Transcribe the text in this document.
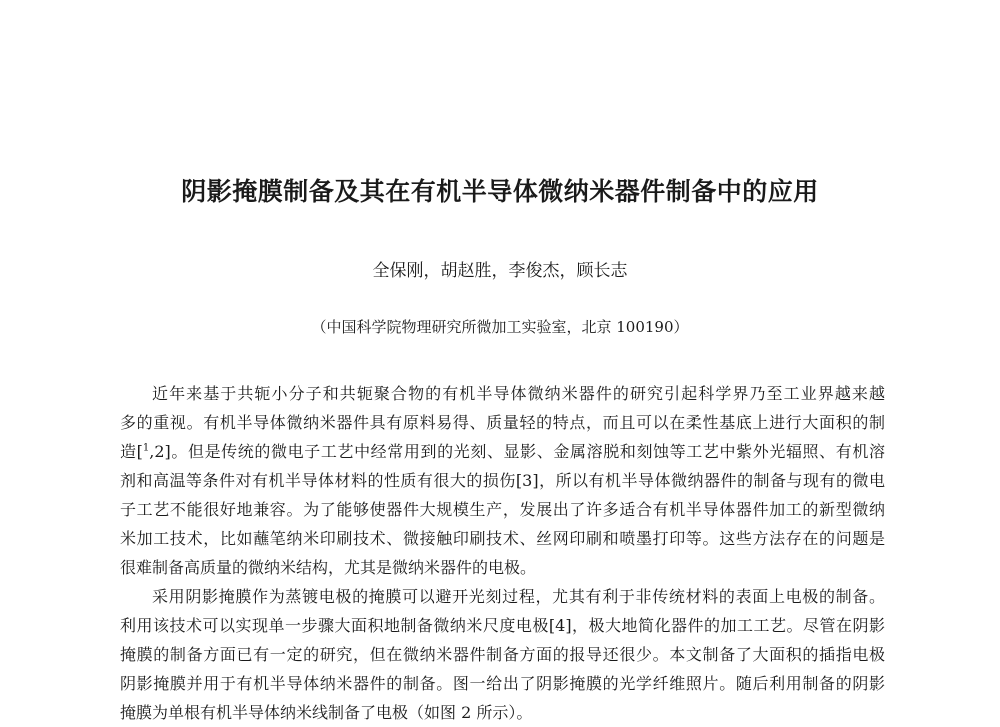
阴影掩膜制备及其在有机半导体微纳米器件制备中的应用
全保刚，胡赵胜，李俊杰，顾长志
（中国科学院物理研究所微加工实验室，北京 100190）
近年来基于共轭小分子和共轭聚合物的有机半导体微纳米器件的研究引起科学界乃至工业界越来越
多的重视。有机半导体微纳米器件具有原料易得、质量轻的特点，而且可以在柔性基底上进行大面积的制
造[$^1$,2]。但是传统的微电子工艺中经常用到的光刻、显影、金属溶脱和刻蚀等工艺中紫外光辐照、有机溶
剂和高温等条件对有机半导体材料的性质有很大的损伤[3]，所以有机半导体微纳器件的制备与现有的微电
子工艺不能很好地兼容。为了能够使器件大规模生产，发展出了许多适合有机半导体器件加工的新型微纳
米加工技术，比如蘸笔纳米印刷技术、微接触印刷技术、丝网印刷和喷墨打印等。这些方法存在的问题是
很难制备高质量的微纳米结构，尤其是微纳米器件的电极。
采用阴影掩膜作为蒸镀电极的掩膜可以避开光刻过程，尤其有利于非传统材料的表面上电极的制备。
利用该技术可以实现单一步骤大面积地制备微纳米尺度电极[4]，极大地简化器件的加工工艺。尽管在阴影
掩膜的制备方面已有一定的研究，但在微纳米器件制备方面的报导还很少。本文制备了大面积的插指电极
阴影掩膜并用于有机半导体纳米器件的制备。图一给出了阴影掩膜的光学纤维照片。随后利用制备的阴影
掩膜为单根有机半导体纳米线制备了电极（如图 2 所示）。
